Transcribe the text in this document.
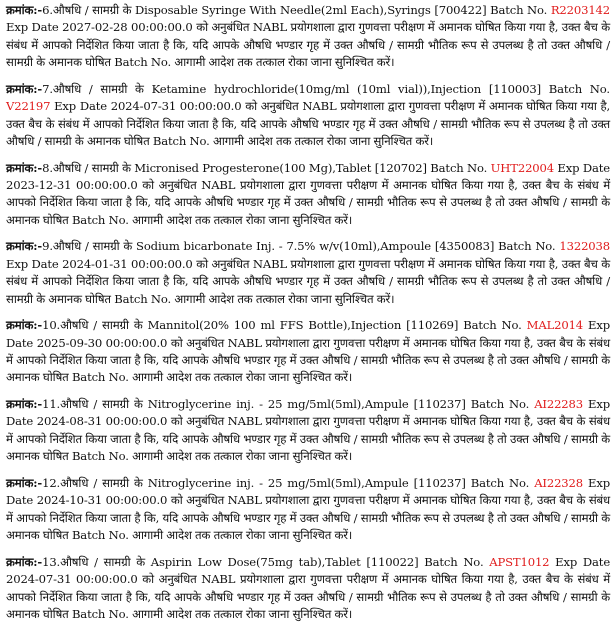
क्रमांक:-6.औषधि / सामग्री के Disposable Syringe With Needle(2ml Each),Syrings [700422] Batch No. R2203142 Exp Date 2027-02-28 00:00:00.0 को अनुबंधित NABL प्रयोगशाला द्वारा गुणवत्ता परीक्षण में अमानक घोषित किया गया है, उक्त बैच के संबंध में आपको निर्देशित किया जाता है कि, यदि आपके औषधि भण्डार गृह में उक्त औषधि / सामग्री भौतिक रूप से उपलब्ध है तो उक्त औषधि / सामग्री के अमानक घोषित Batch No. आगामी आदेश तक तत्काल रोका जाना सुनिश्चित करें।

क्रमांक:-7.औषधि / सामग्री के Ketamine hydrochloride(10mg/ml (10ml vial)),Injection [110003] Batch No. V22197 Exp Date 2024-07-31 00:00:00.0 को अनुबंधित NABL प्रयोगशाला द्वारा गुणवत्ता परीक्षण में अमानक घोषित किया गया है, उक्त बैच के संबंध में आपको निर्देशित किया जाता है कि, यदि आपके औषधि भण्डार गृह में उक्त औषधि / सामग्री भौतिक रूप से उपलब्ध है तो उक्त औषधि / सामग्री के अमानक घोषित Batch No. आगामी आदेश तक तत्काल रोका जाना सुनिश्चित करें।

क्रमांक:-8.औषधि / सामग्री के Micronised Progesterone(100 Mg),Tablet [120702] Batch No. UHT22004 Exp Date 2023-12-31 00:00:00.0 को अनुबंधित NABL प्रयोगशाला द्वारा गुणवत्ता परीक्षण में अमानक घोषित किया गया है, उक्त बैच के संबंध में आपको निर्देशित किया जाता है कि, यदि आपके औषधि भण्डार गृह में उक्त औषधि / सामग्री भौतिक रूप से उपलब्ध है तो उक्त औषधि / सामग्री के अमानक घोषित Batch No. आगामी आदेश तक तत्काल रोका जाना सुनिश्चित करें।

क्रमांक:-9.औषधि / सामग्री के Sodium bicarbonate Inj. - 7.5% w/v(10ml),Ampoule [4350083] Batch No. 1322038 Exp Date 2024-01-31 00:00:00.0 को अनुबंधित NABL प्रयोगशाला द्वारा गुणवत्ता परीक्षण में अमानक घोषित किया गया है, उक्त बैच के संबंध में आपको निर्देशित किया जाता है कि, यदि आपके औषधि भण्डार गृह में उक्त औषधि / सामग्री भौतिक रूप से उपलब्ध है तो उक्त औषधि / सामग्री के अमानक घोषित Batch No. आगामी आदेश तक तत्काल रोका जाना सुनिश्चित करें।

क्रमांक:-10.औषधि / सामग्री के Mannitol(20% 100 ml FFS Bottle),Injection [110269] Batch No. MAL2014 Exp Date 2025-09-30 00:00:00.0 को अनुबंधित NABL प्रयोगशाला द्वारा गुणवत्ता परीक्षण में अमानक घोषित किया गया है, उक्त बैच के संबंध में आपको निर्देशित किया जाता है कि, यदि आपके औषधि भण्डार गृह में उक्त औषधि / सामग्री भौतिक रूप से उपलब्ध है तो उक्त औषधि / सामग्री के अमानक घोषित Batch No. आगामी आदेश तक तत्काल रोका जाना सुनिश्चित करें।

क्रमांक:-11.औषधि / सामग्री के Nitroglycerine inj. - 25 mg/5ml(5ml),Ampule [110237] Batch No. AI22283 Exp Date 2024-08-31 00:00:00.0 को अनुबंधित NABL प्रयोगशाला द्वारा गुणवत्ता परीक्षण में अमानक घोषित किया गया है, उक्त बैच के संबंध में आपको निर्देशित किया जाता है कि, यदि आपके औषधि भण्डार गृह में उक्त औषधि / सामग्री भौतिक रूप से उपलब्ध है तो उक्त औषधि / सामग्री के अमानक घोषित Batch No. आगामी आदेश तक तत्काल रोका जाना सुनिश्चित करें।

क्रमांक:-12.औषधि / सामग्री के Nitroglycerine inj. - 25 mg/5ml(5ml),Ampule [110237] Batch No. AI22328 Exp Date 2024-10-31 00:00:00.0 को अनुबंधित NABL प्रयोगशाला द्वारा गुणवत्ता परीक्षण में अमानक घोषित किया गया है, उक्त बैच के संबंध में आपको निर्देशित किया जाता है कि, यदि आपके औषधि भण्डार गृह में उक्त औषधि / सामग्री भौतिक रूप से उपलब्ध है तो उक्त औषधि / सामग्री के अमानक घोषित Batch No. आगामी आदेश तक तत्काल रोका जाना सुनिश्चित करें।

क्रमांक:-13.औषधि / सामग्री के Aspirin Low Dose(75mg tab),Tablet [110022] Batch No. APST1012 Exp Date 2024-07-31 00:00:00.0 को अनुबंधित NABL प्रयोगशाला द्वारा गुणवत्ता परीक्षण में अमानक घोषित किया गया है, उक्त बैच के संबंध में आपको निर्देशित किया जाता है कि, यदि आपके औषधि भण्डार गृह में उक्त औषधि / सामग्री भौतिक रूप से उपलब्ध है तो उक्त औषधि / सामग्री के अमानक घोषित Batch No. आगामी आदेश तक तत्काल रोका जाना सुनिश्चित करें।
